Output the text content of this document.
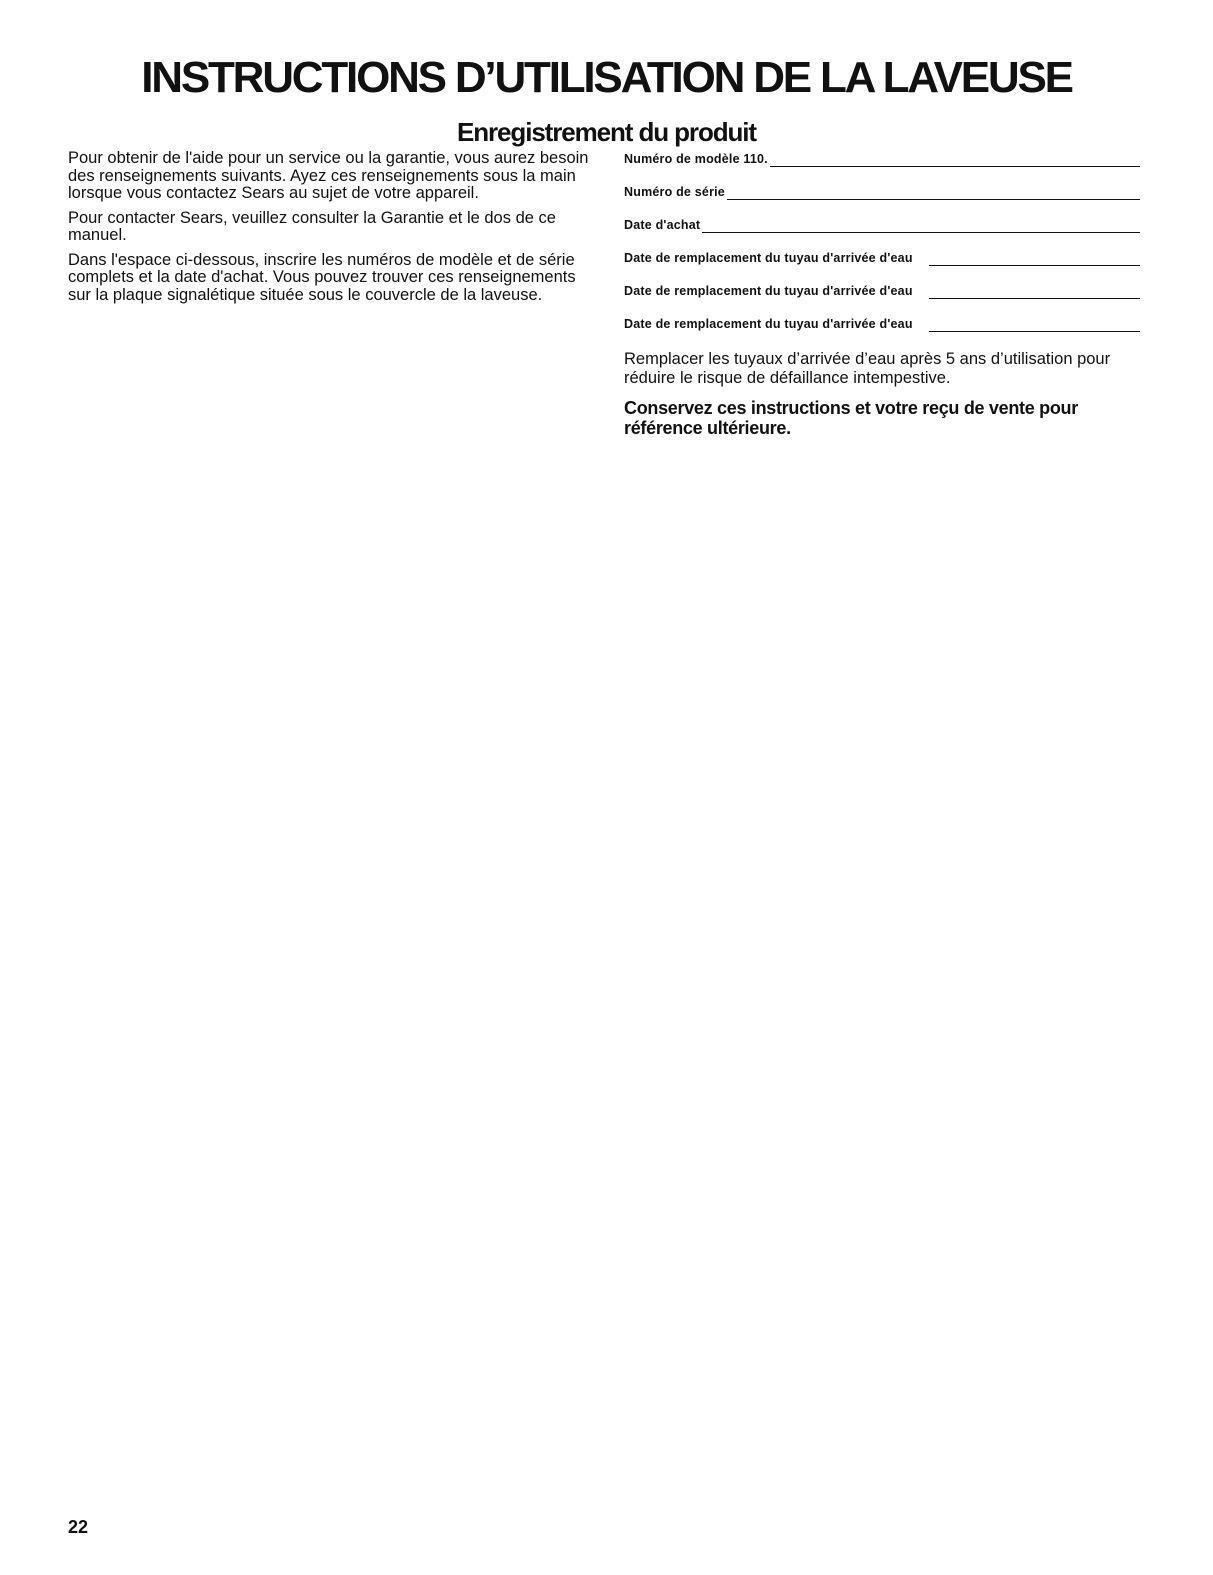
INSTRUCTIONS D’UTILISATION DE LA LAVEUSE
Enregistrement du produit

Pour obtenir de l'aide pour un service ou la garantie, vous aurez besoin des renseignements suivants. Ayez ces renseignements sous la main lorsque vous contactez Sears au sujet de votre appareil.

Pour contacter Sears, veuillez consulter la Garantie et le dos de ce manuel.

Dans l'espace ci-dessous, inscrire les numéros de modèle et de série complets et la date d'achat. Vous pouvez trouver ces renseignements sur la plaque signalétique située sous le couvercle de la laveuse.

Numéro de modèle 110.
Numéro de série
Date d'achat
Date de remplacement du tuyau d'arrivée d'eau
Date de remplacement du tuyau d'arrivée d'eau
Date de remplacement du tuyau d'arrivée d'eau

Remplacer les tuyaux d’arrivée d’eau après 5 ans d’utilisation pour réduire le risque de défaillance intempestive.

Conservez ces instructions et votre reçu de vente pour référence ultérieure.

22
